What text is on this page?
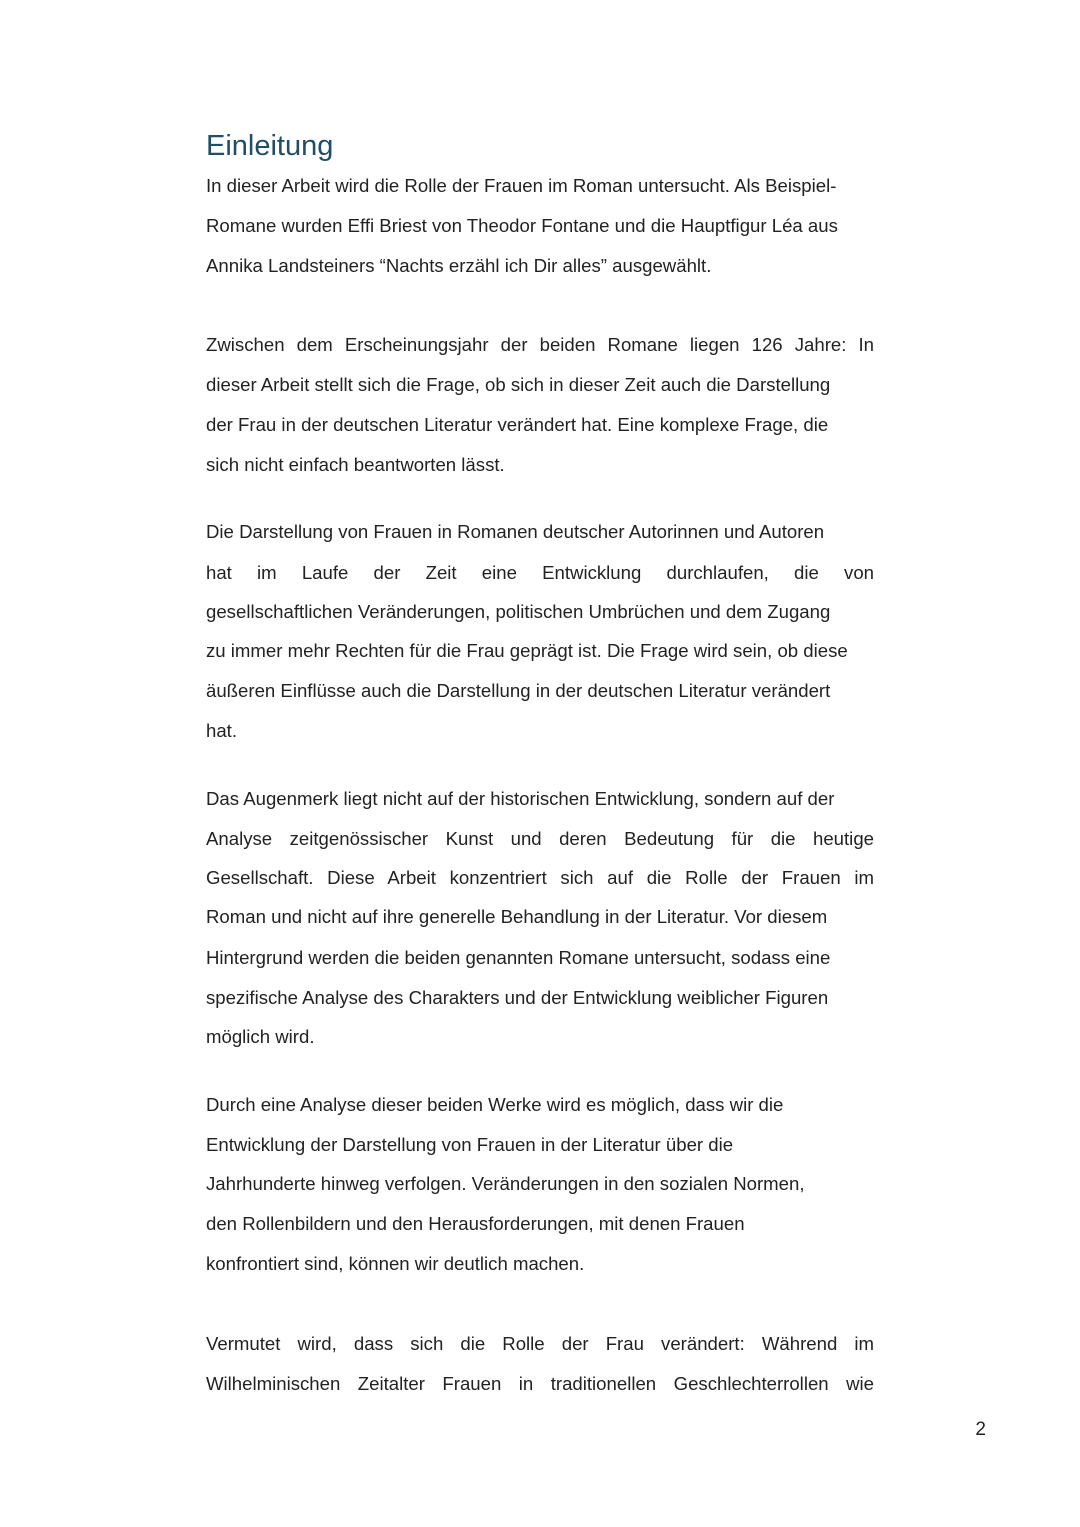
Einleitung
In dieser Arbeit wird die Rolle der Frauen im Roman untersucht. Als Beispiel-
Romane wurden Effi Briest von Theodor Fontane und die Hauptfigur Léa aus
Annika Landsteiners “Nachts erzähl ich Dir alles” ausgewählt.
Zwischen dem Erscheinungsjahr der beiden Romane liegen 126 Jahre: In
dieser Arbeit stellt sich die Frage, ob sich in dieser Zeit auch die Darstellung
der Frau in der deutschen Literatur verändert hat. Eine komplexe Frage, die
sich nicht einfach beantworten lässt.
Die Darstellung von Frauen in Romanen deutscher Autorinnen und Autoren
hat im Laufe der Zeit eine Entwicklung durchlaufen, die von
gesellschaftlichen Veränderungen, politischen Umbrüchen und dem Zugang
zu immer mehr Rechten für die Frau geprägt ist. Die Frage wird sein, ob diese
äußeren Einflüsse auch die Darstellung in der deutschen Literatur verändert
hat.
Das Augenmerk liegt nicht auf der historischen Entwicklung, sondern auf der
Analyse zeitgenössischer Kunst und deren Bedeutung für die heutige
Gesellschaft. Diese Arbeit konzentriert sich auf die Rolle der Frauen im
Roman und nicht auf ihre generelle Behandlung in der Literatur. Vor diesem
Hintergrund werden die beiden genannten Romane untersucht, sodass eine
spezifische Analyse des Charakters und der Entwicklung weiblicher Figuren
möglich wird.
Durch eine Analyse dieser beiden Werke wird es möglich, dass wir die
Entwicklung der Darstellung von Frauen in der Literatur über die
Jahrhunderte hinweg verfolgen. Veränderungen in den sozialen Normen,
den Rollenbildern und den Herausforderungen, mit denen Frauen
konfrontiert sind, können wir deutlich machen.
Vermutet wird, dass sich die Rolle der Frau verändert: Während im
Wilhelminischen Zeitalter Frauen in traditionellen Geschlechterrollen wie
2
